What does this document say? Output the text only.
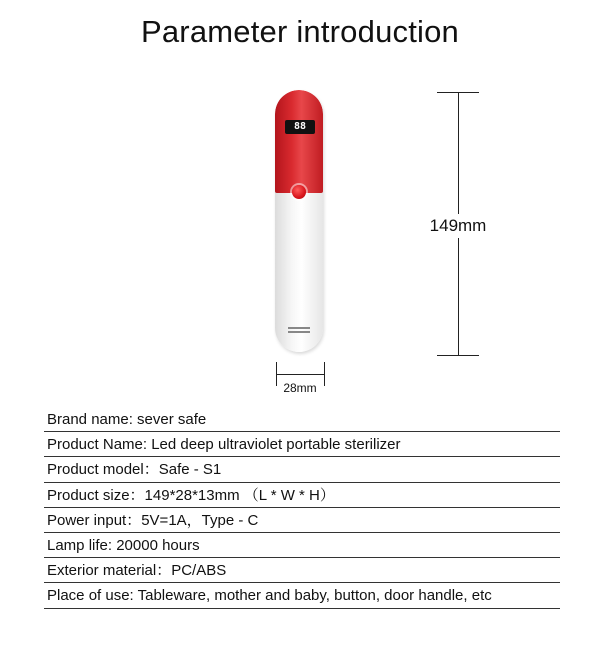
Parameter introduction
88
149mm
28mm
Brand name: sever safe
Product Name: Led deep ultraviolet portable sterilizer
Product model：Safe - S1
Product size：149*28*13mm （L * W * H）
Power input：5V=1A，Type - C
Lamp life: 20000 hours
Exterior material：PC/ABS
Place of use: Tableware, mother and baby, button, door handle, etc
